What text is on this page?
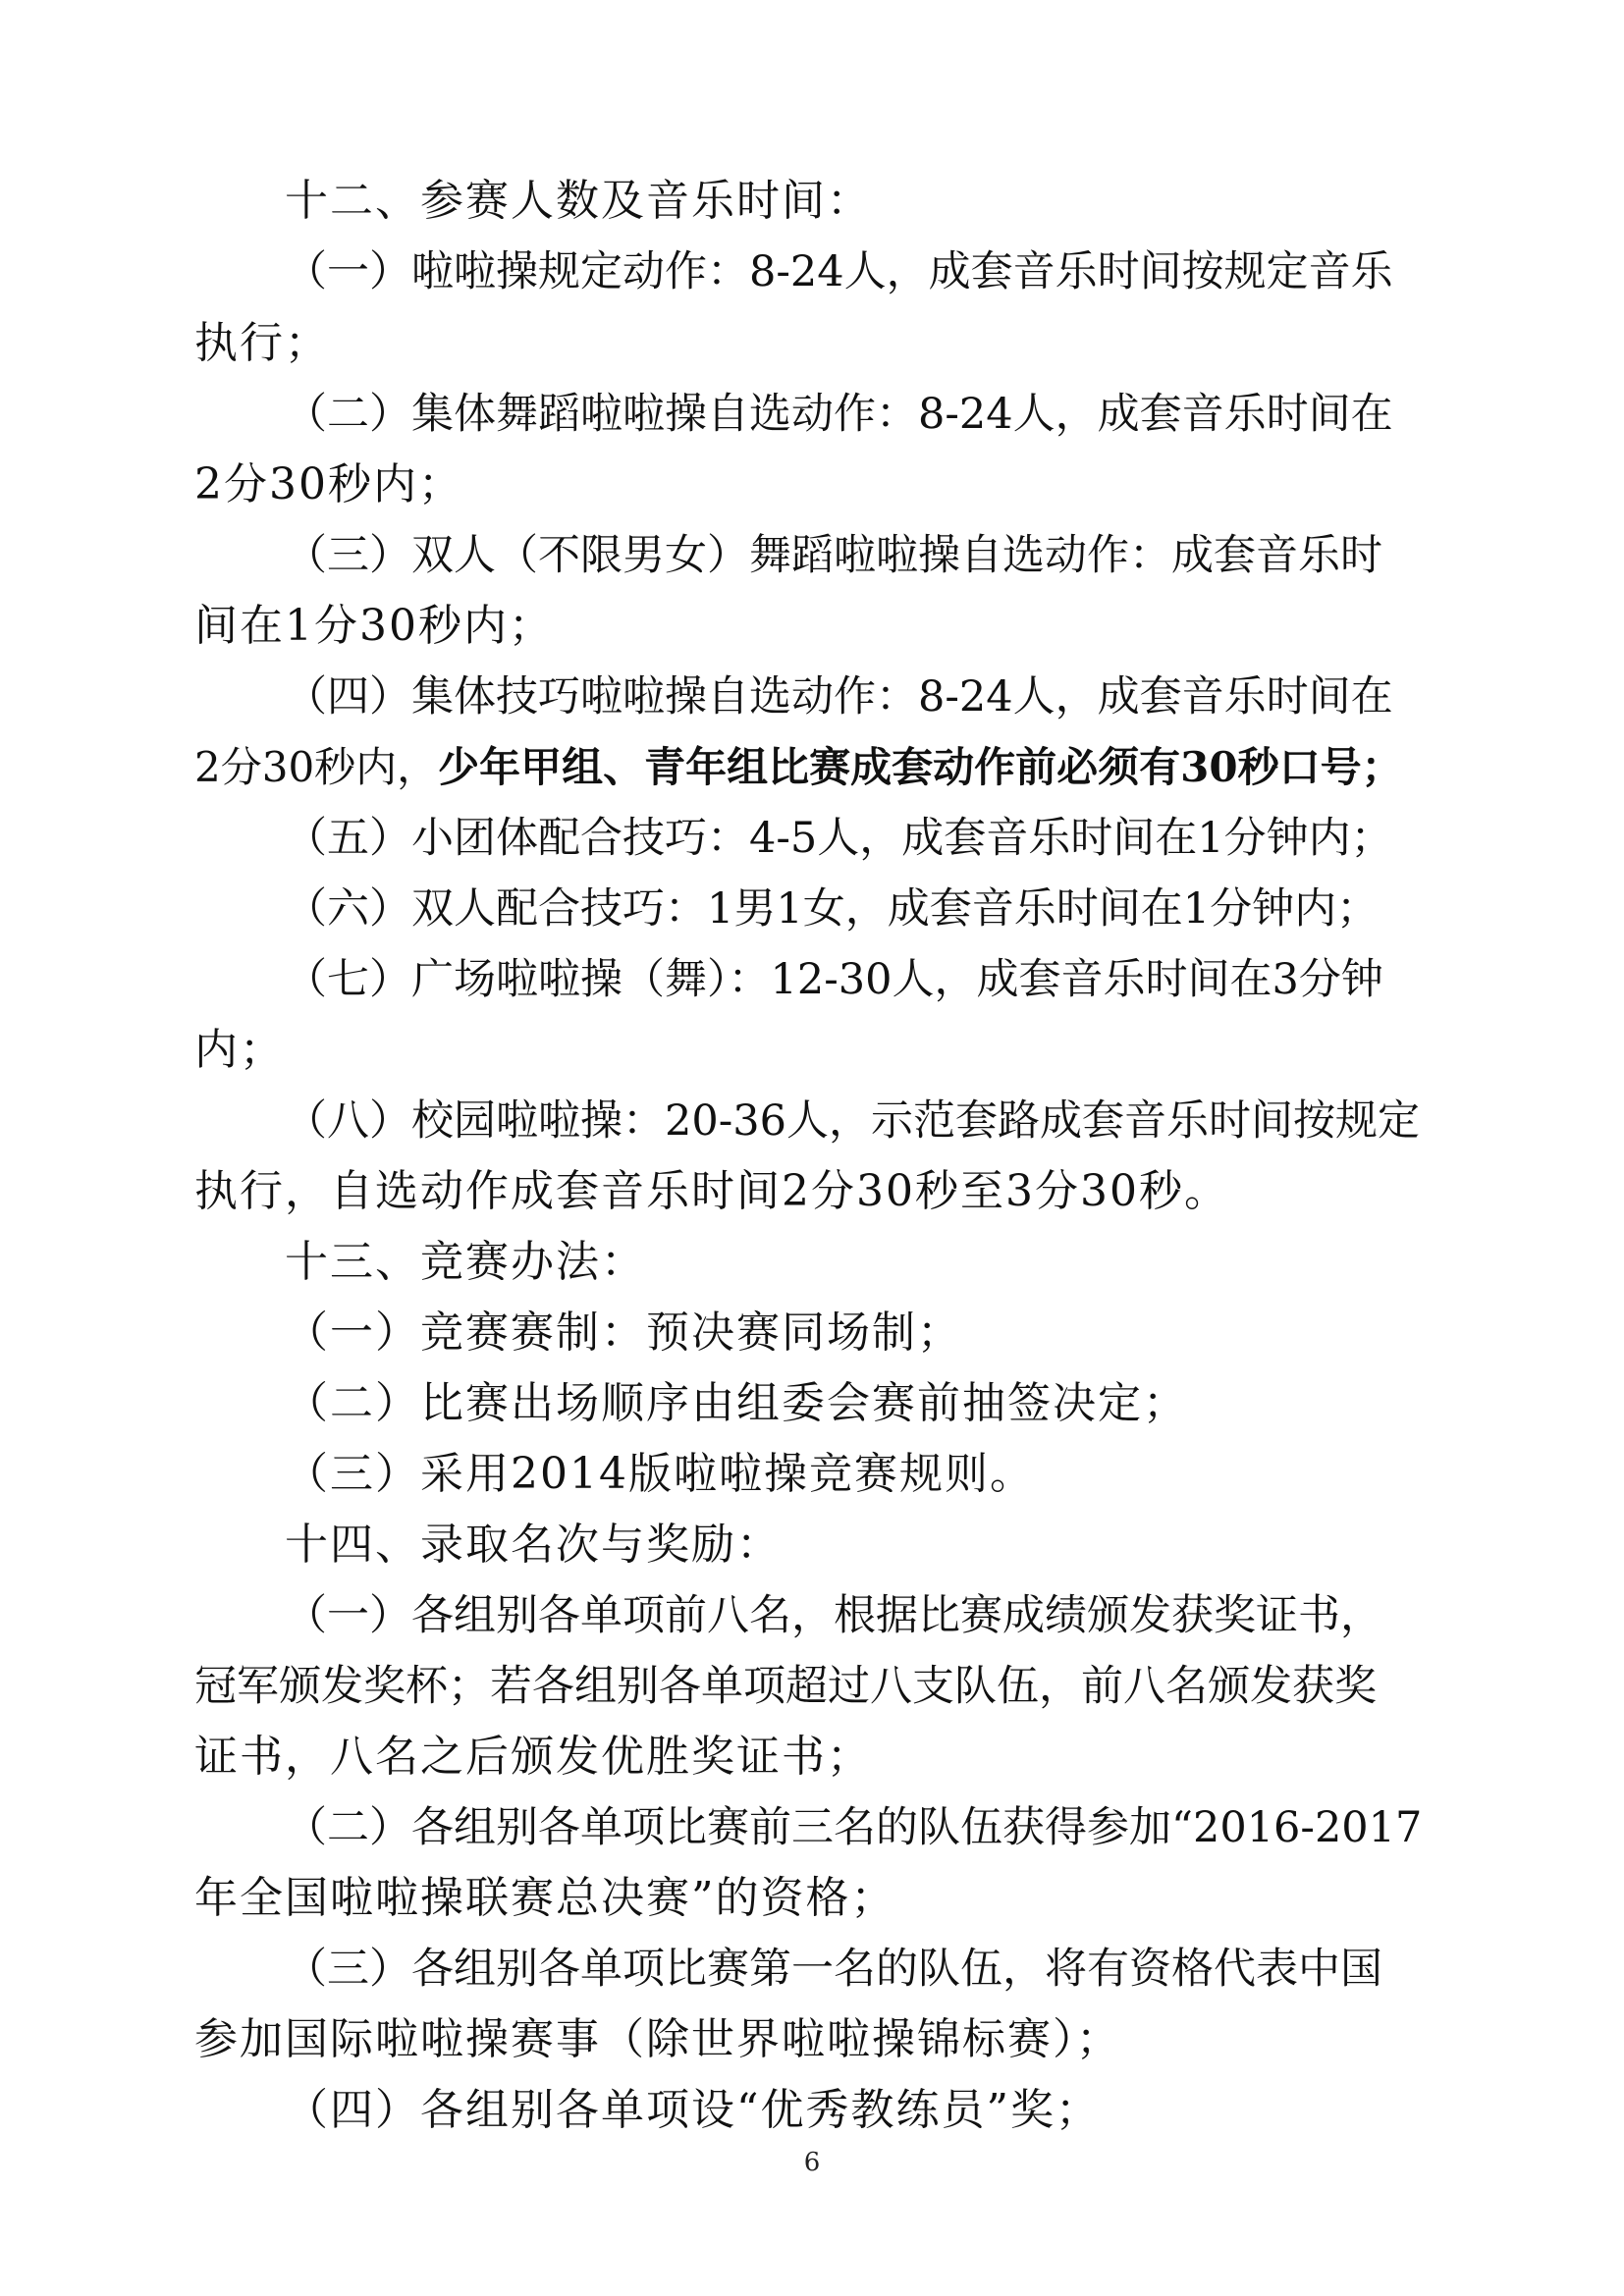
十二、参赛人数及音乐时间：
（一）啦啦操规定动作：8-24人，成套音乐时间按规定音乐
执行；
（二）集体舞蹈啦啦操自选动作：8-24人，成套音乐时间在
2分30秒内；
（三）双人（不限男女）舞蹈啦啦操自选动作：成套音乐时
间在1分30秒内；
（四）集体技巧啦啦操自选动作：8-24人，成套音乐时间在
2分30秒内，少年甲组、青年组比赛成套动作前必须有30秒口号；
（五）小团体配合技巧：4-5人，成套音乐时间在1分钟内；
（六）双人配合技巧：1男1女，成套音乐时间在1分钟内；
（七）广场啦啦操（舞）：12-30人，成套音乐时间在3分钟
内；
（八）校园啦啦操：20-36人，示范套路成套音乐时间按规定
执行，自选动作成套音乐时间2分30秒至3分30秒。
十三、竞赛办法：
（一）竞赛赛制：预决赛同场制；
（二）比赛出场顺序由组委会赛前抽签决定；
（三）采用2014版啦啦操竞赛规则。
十四、录取名次与奖励：
（一）各组别各单项前八名，根据比赛成绩颁发获奖证书，
冠军颁发奖杯；若各组别各单项超过八支队伍，前八名颁发获奖
证书，八名之后颁发优胜奖证书；
（二）各组别各单项比赛前三名的队伍获得参加“2016-2017
年全国啦啦操联赛总决赛”的资格；
（三）各组别各单项比赛第一名的队伍，将有资格代表中国
参加国际啦啦操赛事（除世界啦啦操锦标赛）；
（四）各组别各单项设“优秀教练员”奖；
6
